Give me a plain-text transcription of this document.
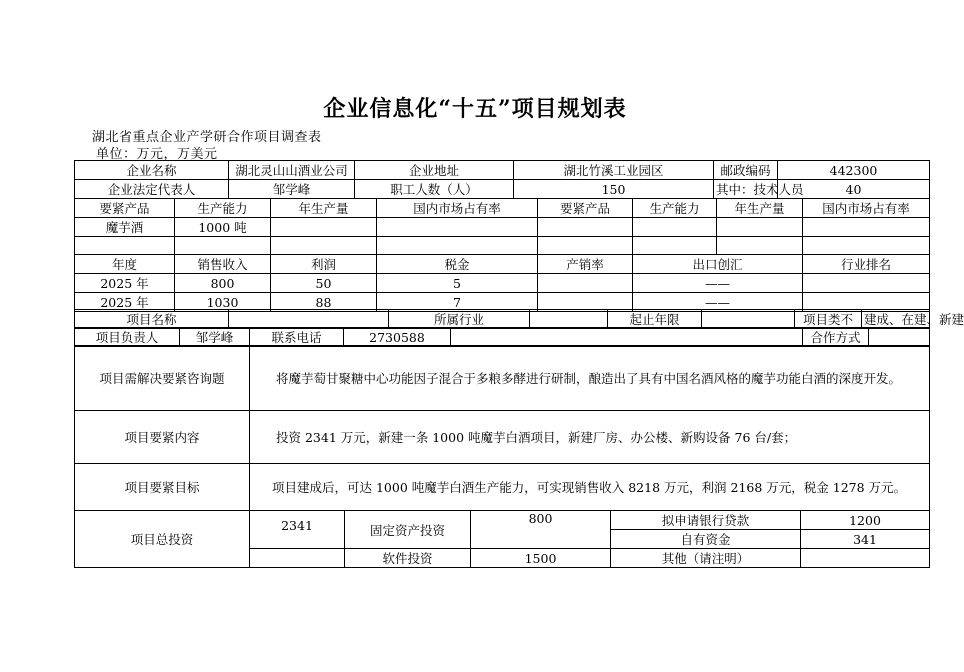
企业信息化“十五”项目规划表
湖北省重点企业产学研合作项目调查表
单位：万元，万美元
企业名称	湖北灵山山酒业公司	企业地址	湖北竹溪工业园区	邮政编码	442300
企业法定代表人	邹学峰	职工人数（人）	150	其中：技术人员	40
要紧产品	生产能力	年生产量	国内市场占有率	要紧产品	生产能力	年生产量	国内市场占有率
魔芋酒	1000 吨						

年度	销售收入	利润	税金	产销率	出口创汇		行业排名
2025 年	800	50	5		——		
2025 年	1030	88	7		——		
项目名称		所属行业		起止年限		项目类不	建成、在建、新建
项目负责人	邹学峰	联系电话	2730588		合作方式	
项目需解决要紧咨询题	将魔芋萄甘聚糖中心功能因子混合于多粮多酵进行研制，酿造出了具有中国名酒风格的魔芋功能白酒的深度开发。
项目要紧内容	投资 2341 万元，新建一条 1000 吨魔芋白酒项目，新建厂房、办公楼、新购设备 76 台/套；
项目要紧目标	项目建成后，可达 1000 吨魔芋白酒生产能力，可实现销售收入 8218 万元，利润 2168 万元，税金 1278 万元。
项目总投资	2341	固定资产投资	800	拟申请银行贷款	1200
				自有资金	341
		软件投资	1500	其他（请注明）	
